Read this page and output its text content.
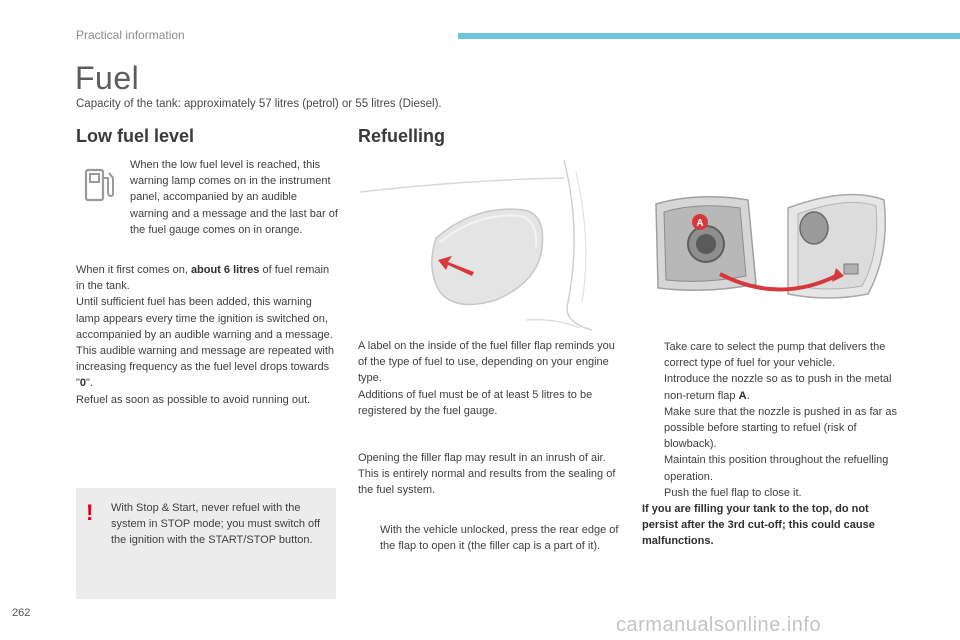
Practical information
Fuel
Capacity of the tank: approximately 57 litres (petrol) or 55 litres (Diesel).
Low fuel level
When the low fuel level is reached, this warning lamp comes on in the instrument panel, accompanied by an audible warning and a message and the last bar of the fuel gauge comes on in orange.
When it first comes on, about 6 litres of fuel remain in the tank.
Until sufficient fuel has been added, this warning lamp appears every time the ignition is switched on, accompanied by an audible warning and a message. This audible warning and message are repeated with increasing frequency as the fuel level drops towards "0".
Refuel as soon as possible to avoid running out.
! With Stop & Start, never refuel with the system in STOP mode; you must switch off the ignition with the START/STOP button.
Refuelling
A label on the inside of the fuel filler flap reminds you of the type of fuel to use, depending on your engine type.
Additions of fuel must be of at least 5 litres to be registered by the fuel gauge.
Opening the filler flap may result in an inrush of air. This is entirely normal and results from the sealing of the fuel system.
With the vehicle unlocked, press the rear edge of the flap to open it (the filler cap is a part of it).
A
Take care to select the pump that delivers the correct type of fuel for your vehicle.
Introduce the nozzle so as to push in the metal non-return flap A.
Make sure that the nozzle is pushed in as far as possible before starting to refuel (risk of blowback).
Maintain this position throughout the refuelling operation.
Push the fuel flap to close it.
If you are filling your tank to the top, do not persist after the 3rd cut-off; this could cause malfunctions.
262
carmanualsonline.info
